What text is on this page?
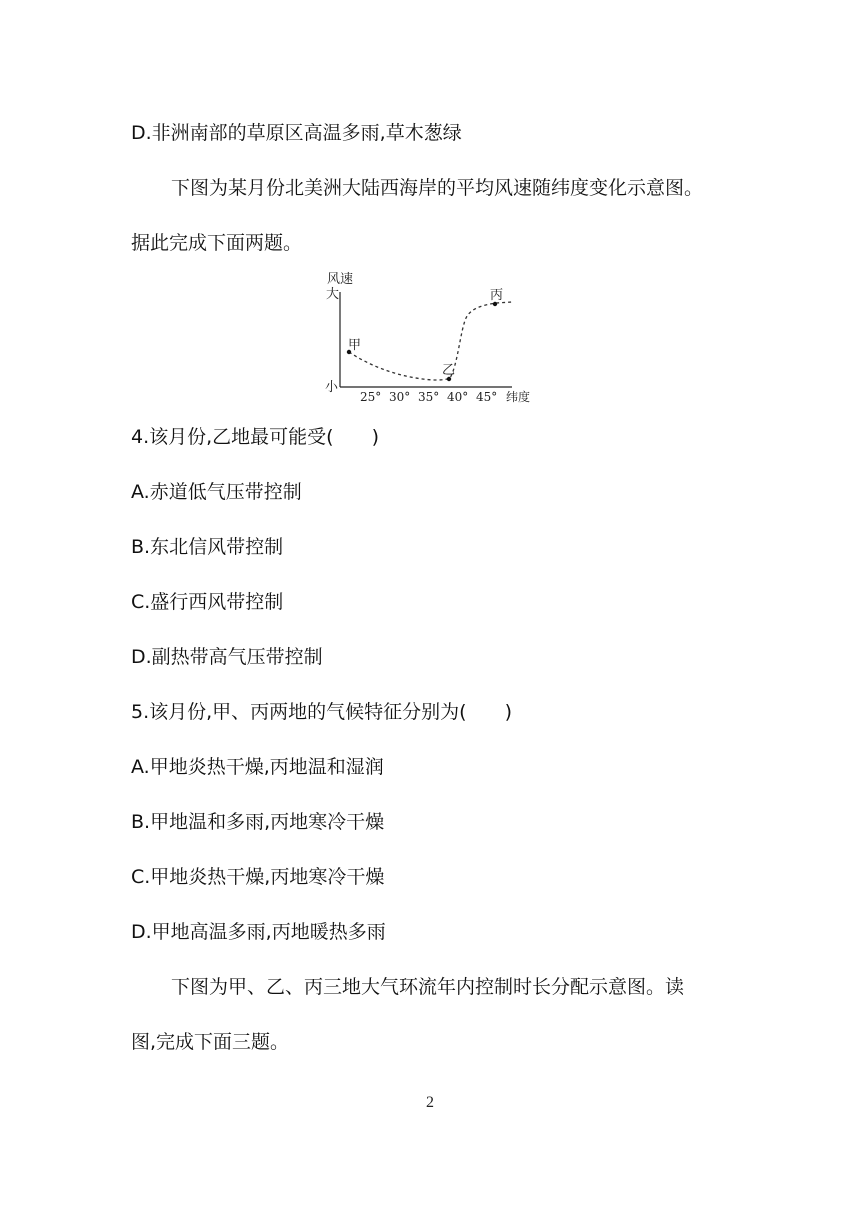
D.非洲南部的草原区高温多雨,草木葱绿
下图为某月份北美洲大陆西海岸的平均风速随纬度变化示意图。
据此完成下面两题。
风速
大
小
25° 30° 35° 40° 45° 纬度
甲
乙
丙
4.该月份,乙地最可能受(　　)
A.赤道低气压带控制
B.东北信风带控制
C.盛行西风带控制
D.副热带高气压带控制
5.该月份,甲、丙两地的气候特征分别为(　　)
A.甲地炎热干燥,丙地温和湿润
B.甲地温和多雨,丙地寒冷干燥
C.甲地炎热干燥,丙地寒冷干燥
D.甲地高温多雨,丙地暖热多雨
下图为甲、乙、丙三地大气环流年内控制时长分配示意图。读
图,完成下面三题。
2
